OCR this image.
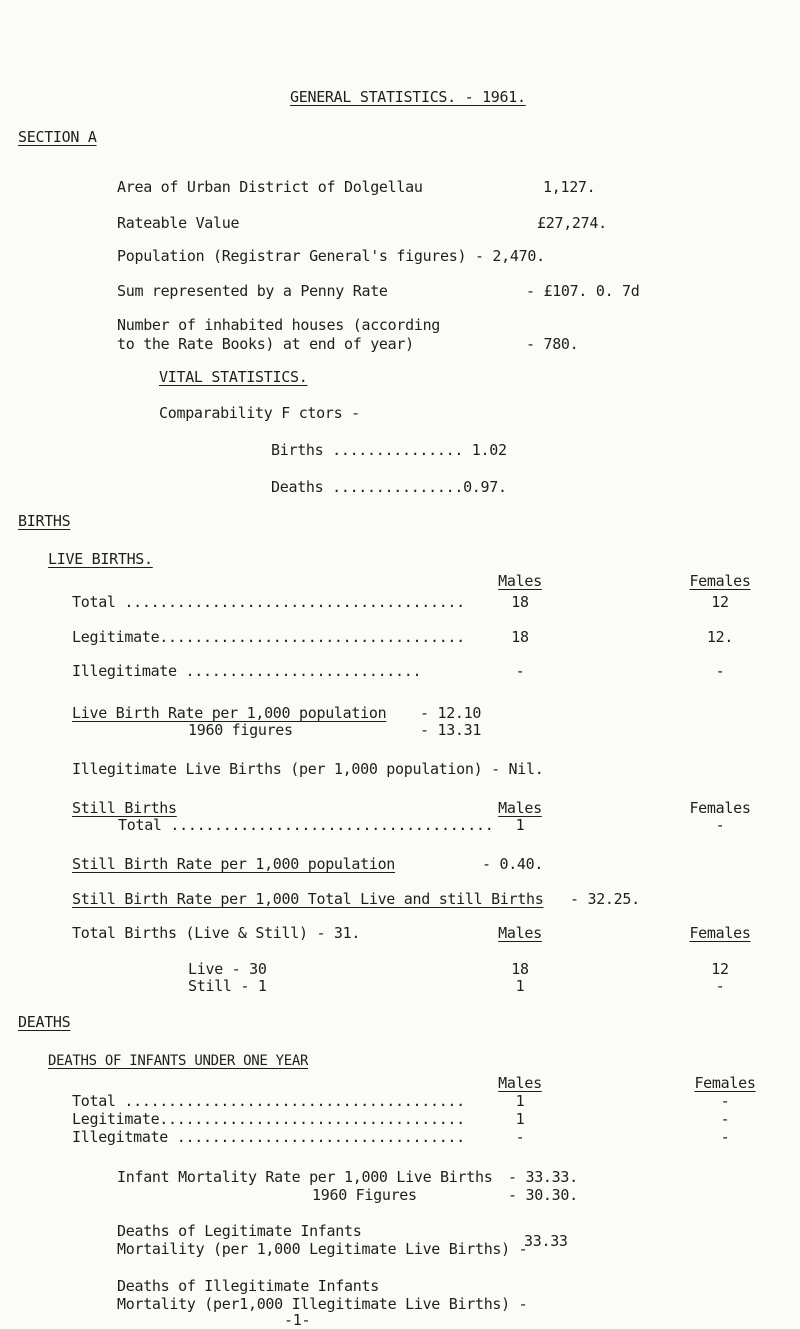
GENERAL STATISTICS. - 1961.
SECTION A
Area of Urban District of Dolgellau	1,127.
Rateable Value	£27,274.
Population (Registrar General's figures) - 2,470.
Sum represented by a Penny Rate	- £107. 0. 7d
Number of inhabited houses (according
to the Rate Books) at end of year)	- 780.
VITAL STATISTICS.
Comparability F ctors -
Births ............... 1.02
Deaths ...............0.97.
BIRTHS
LIVE BIRTHS.
Males	Females
Total .......................................	18	12
Legitimate...................................	18	12.
Illegitimate ...........................	-	-
Live Birth Rate per 1,000 population - 12.10
1960 figures	- 13.31
Illegitimate Live Births (per 1,000 population) - Nil.
Still Births	Males	Females
Total .....................................	1	-
Still Birth Rate per 1,000 population	- 0.40.
Still Birth Rate per 1,000 Total Live and still Births - 32.25.
Total Births (Live & Still) - 31.	Males	Females
Live - 30	18	12
Still - 1	1	-
DEATHS
DEATHS OF INFANTS UNDER ONE YEAR
Males	Females
Total .......................................	1	-
Legitimate...................................	1	-
Illegitmate .................................	-	-
Infant Mortality Rate per 1,000 Live Births - 33.33.
1960 Figures	- 30.30.
Deaths of Legitimate Infants
Mortaility (per 1,000 Legitimate Live Births) -
33.33
Deaths of Illegitimate Infants
Mortality (per1,000 Illegitimate Live Births) -
-1-
